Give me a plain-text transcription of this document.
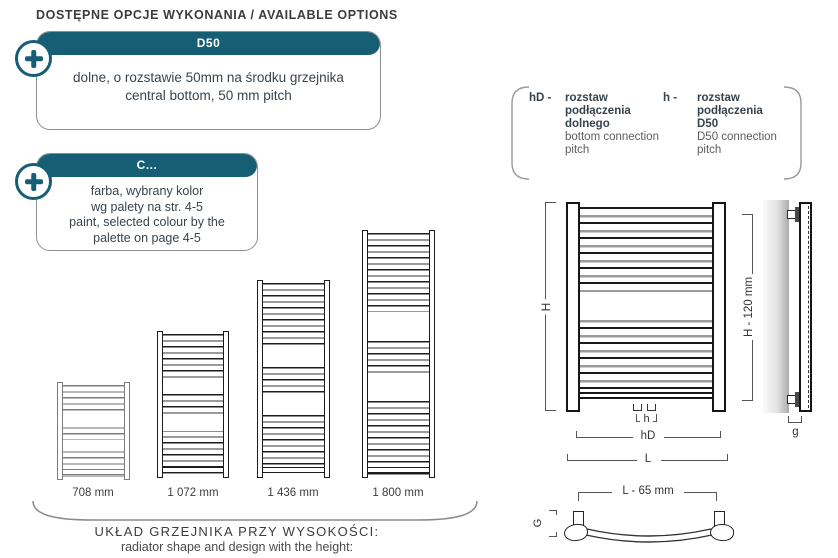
DOSTĘPNE OPCJE WYKONANIA / AVAILABLE OPTIONS
D50
dolne, o rozstawie 50mm na środku grzejnika
central bottom, 50 mm pitch
C...
farba, wybrany kolor
wg palety na str. 4-5
paint, selected colour by the
palette on page 4-5
708 mm	1 072 mm	1 436 mm	1 800 mm
UKŁAD GRZEJNIKA PRZY WYSOKOŚCI:
radiator shape and design with the height:
hD - rozstaw
podłączenia
dolnego
bottom connection
pitch
h - rozstaw
podłączenia
D50
D50 connection
pitch
H
h
hD
L
H - 120 mm
g
L - 65 mm
G
